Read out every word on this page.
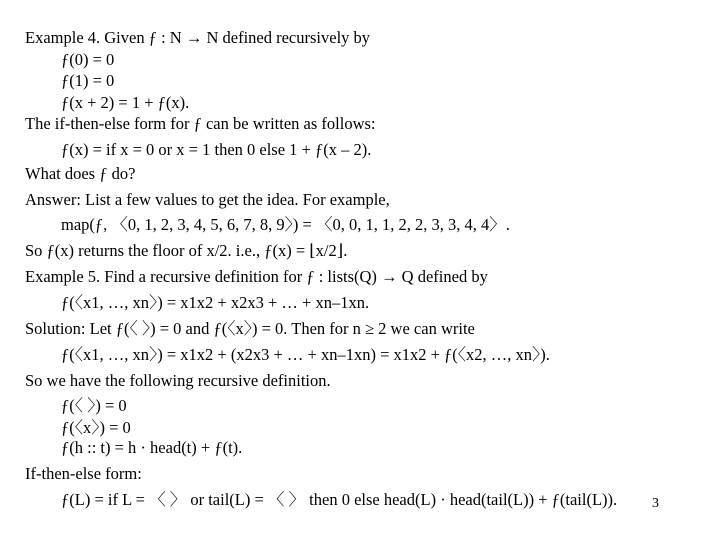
Example 4. Given ƒ : N → N defined recursively by
ƒ(0) = 0
ƒ(1) = 0
ƒ(x + 2) = 1 + ƒ(x).
The if-then-else form for ƒ can be written as follows:
ƒ(x) = if x = 0 or x = 1 then 0 else 1 + ƒ(x – 2).
What does ƒ do?
Answer: List a few values to get the idea. For example,
map(ƒ, 〈0, 1, 2, 3, 4, 5, 6, 7, 8, 9〉) = 〈0, 0, 1, 1, 2, 2, 3, 3, 4, 4〉.
So ƒ(x) returns the floor of x/2. i.e., ƒ(x) = ⌊x/2⌋.
Example 5. Find a recursive definition for ƒ : lists(Q) → Q defined by
ƒ(〈x1, …, xn〉) = x1x2 + x2x3 + … + xn–1xn.
Solution: Let ƒ(〈 〉) = 0 and ƒ(〈x〉) = 0. Then for n ≥ 2 we can write
ƒ(〈x1, …, xn〉) = x1x2 + (x2x3 + … + xn–1xn) = x1x2 + ƒ(〈x2, …, xn〉).
So we have the following recursive definition.
ƒ(〈 〉) = 0
ƒ(〈x〉) = 0
ƒ(h :: t) = h · head(t) + ƒ(t).
If-then-else form:
ƒ(L) = if L = 〈 〉 or tail(L) = 〈 〉 then 0 else head(L) · head(tail(L)) + ƒ(tail(L)). 3
